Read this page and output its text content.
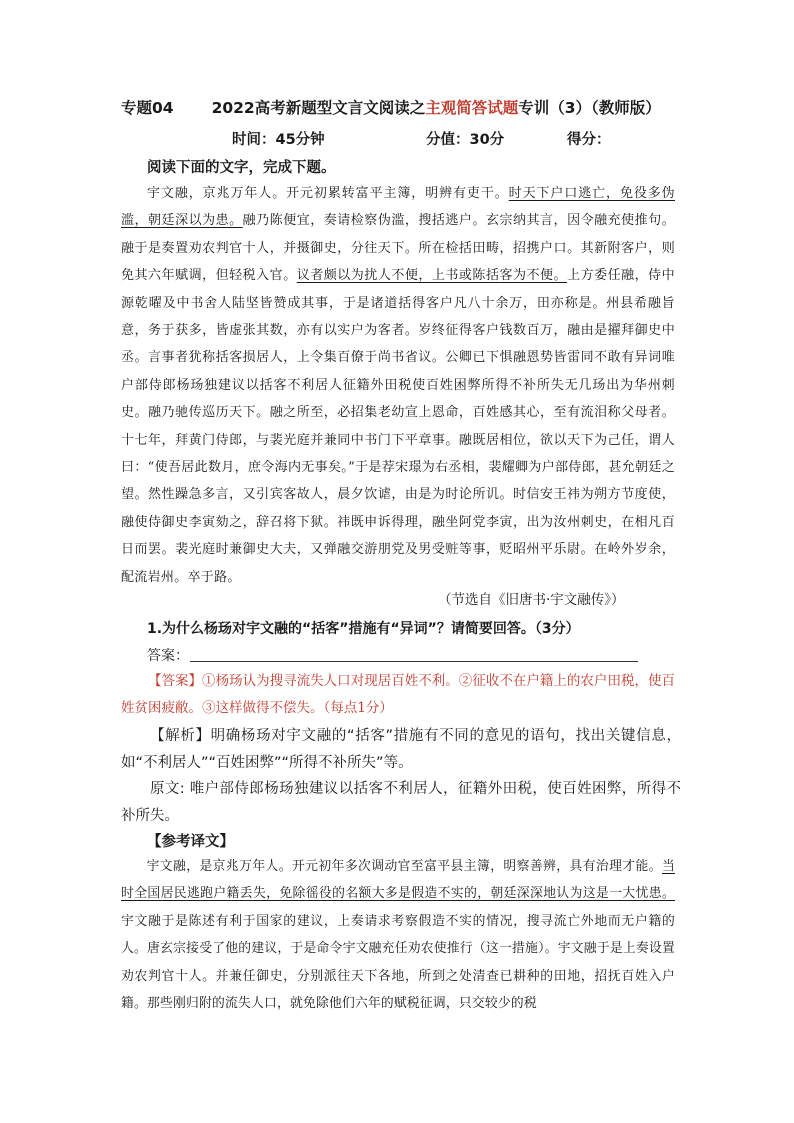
专题04 2022高考新题型文言文阅读之主观简答试题专训（3）（教师版）
时间：45分钟	分值：30分	得分：
阅读下面的文字，完成下题。

宇文融，京兆万年人。开元初累转富平主簿，明辨有吏干。时天下户口逃亡，免役多伪滥，朝廷深以为患。融乃陈便宜，奏请检察伪滥，搜括逃户。玄宗纳其言，因令融充使推句。融于是奏置劝农判官十人，并摄御史，分往天下。所在检括田畴，招携户口。其新附客户，则免其六年赋调，但轻税入官。议者颇以为扰人不便，上书或陈括客为不便。上方委任融，侍中源乾曜及中书舍人陆坚皆赞成其事，于是诸道括得客户凡八十余万，田亦称是。州县希融旨意，务于获多，皆虚张其数，亦有以实户为客者。岁终征得客户钱数百万，融由是擢拜御史中丞。言事者犹称括客损居人，上令集百僚于尚书省议。公卿已下惧融恩势皆雷同不敢有异词唯户部侍郎杨玚独建议以括客不利居人征籍外田税使百姓困弊所得不补所失无几玚出为华州刺史。融乃驰传巡历天下。融之所至，必招集老幼宣上恩命，百姓感其心，至有流泪称父母者。十七年，拜黄门侍郎，与裴光庭并兼同中书门下平章事。融既居相位，欲以天下为己任，谓人曰：“使吾居此数月，庶令海内无事矣。”于是荐宋璟为右丞相，裴耀卿为户部侍郎，甚允朝廷之望。然性躁急多言，又引宾客故人，晨夕饮谑，由是为时论所讥。时信安王祎为朔方节度使，融使侍御史李寅劾之，辞召将下狱。祎既申诉得理，融坐阿党李寅，出为汝州刺史，在相凡百日而罢。裴光庭时兼御史大夫，又弹融交游朋党及男受赃等事，贬昭州平乐尉。在岭外岁余，配流岩州。卒于路。

（节选自《旧唐书·宇文融传》）
1.为什么杨玚对宇文融的“括客”措施有“异词”？请简要回答。（3分）
答案：
【答案】①杨玚认为搜寻流失人口对现居百姓不利。②征收不在户籍上的农户田税，使百姓贫困疲敝。③这样做得不偿失。（每点1分）

【解析】明确杨玚对宇文融的“括客”措施有不同的意见的语句，找出关键信息，如“不利居人”“百姓困弊”“所得不补所失”等。

原文: 唯户部侍郎杨玚独建议以括客不利居人，征籍外田税，使百姓困弊，所得不补所失。

【参考译文】

宇文融，是京兆万年人。开元初年多次调动官至富平县主簿，明察善辨，具有治理才能。当时全国居民逃跑户籍丢失，免除徭役的名额大多是假造不实的，朝廷深深地认为这是一大忧患。宇文融于是陈述有利于国家的建议，上奏请求考察假造不实的情况，搜寻流亡外地而无户籍的人。唐玄宗接受了他的建议，于是命令宇文融充任劝农使推行（这一措施）。宇文融于是上奏设置劝农判官十人。并兼任御史，分别派往天下各地，所到之处清查已耕种的田地，招抚百姓入户籍。那些刚归附的流失人口，就免除他们六年的赋税征调，只交较少的税
